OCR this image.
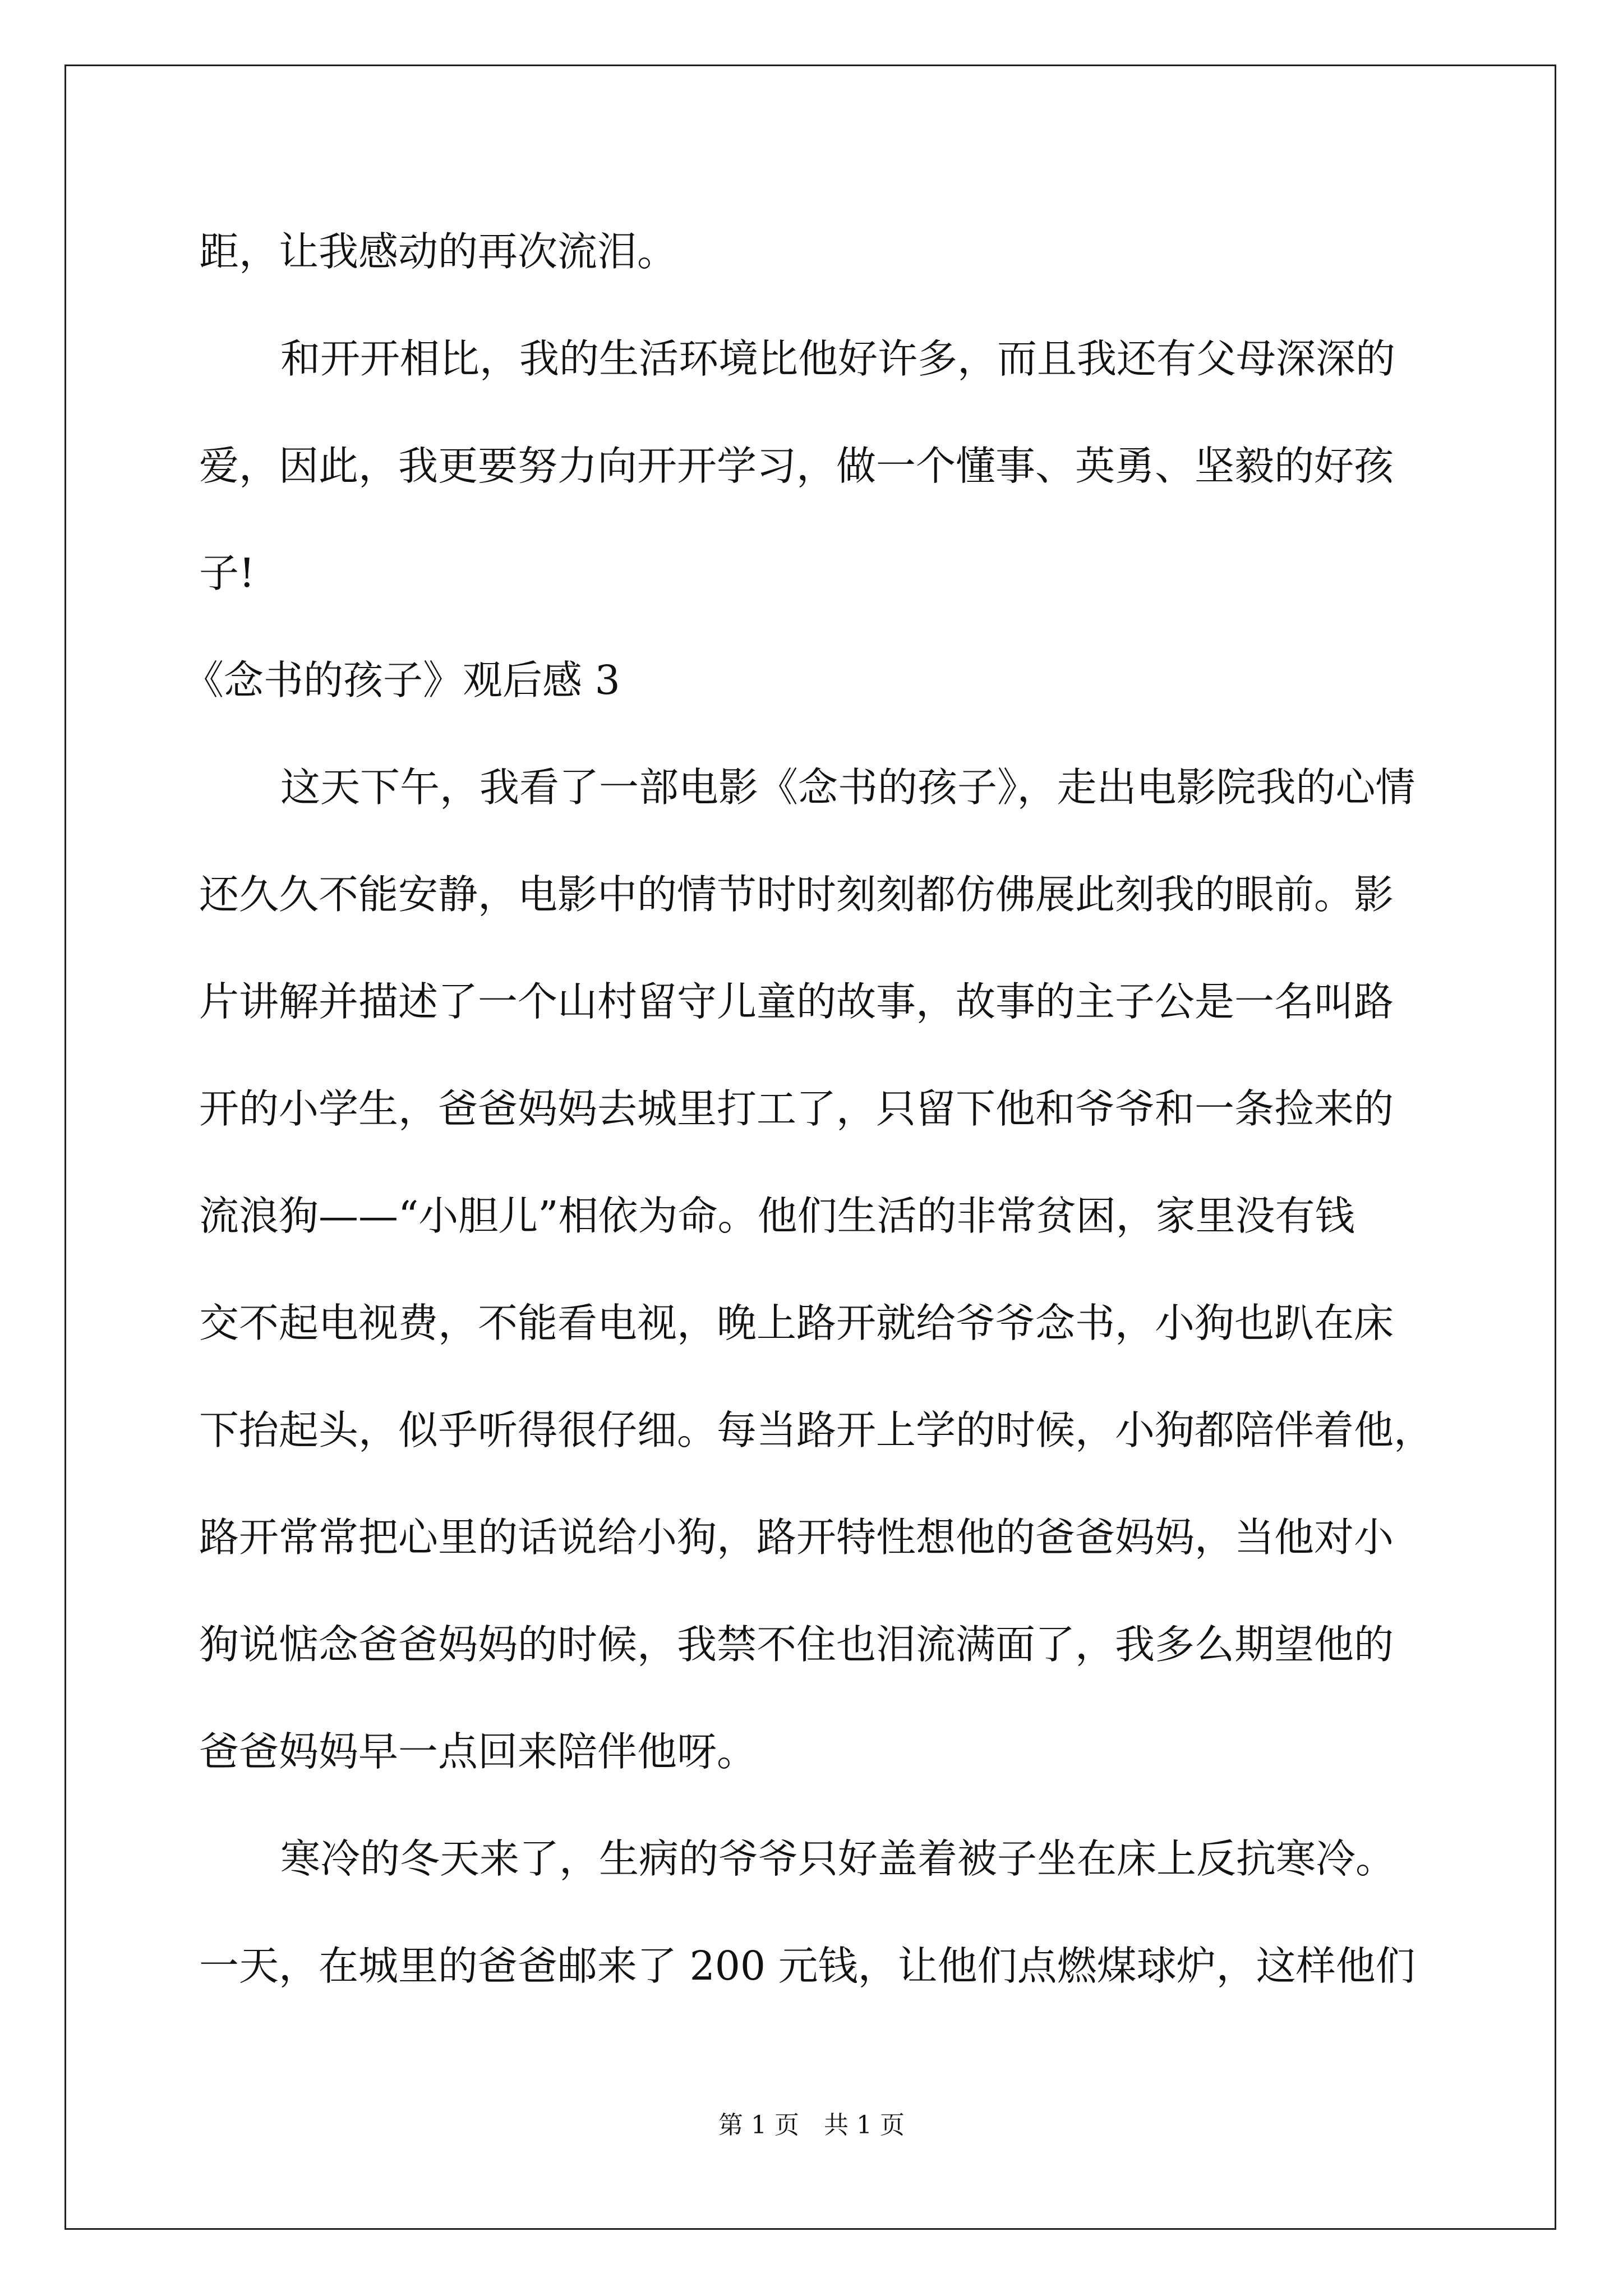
距，让我感动的再次流泪。
和开开相比，我的生活环境比他好许多，而且我还有父母深深的
爱，因此，我更要努力向开开学习，做一个懂事、英勇、坚毅的好孩
子!
《念书的孩子》观后感 3
这天下午，我看了一部电影《念书的孩子》，走出电影院我的心情
还久久不能安静，电影中的情节时时刻刻都仿佛展此刻我的眼前。影
片讲解并描述了一个山村留守儿童的故事，故事的主子公是一名叫路
开的小学生，爸爸妈妈去城里打工了，只留下他和爷爷和一条捡来的
流浪狗——“小胆儿”相依为命。他们生活的非常贫困，家里没有钱
交不起电视费，不能看电视，晚上路开就给爷爷念书，小狗也趴在床
下抬起头，似乎听得很仔细。每当路开上学的时候，小狗都陪伴着他，
路开常常把心里的话说给小狗，路开特性想他的爸爸妈妈，当他对小
狗说惦念爸爸妈妈的时候，我禁不住也泪流满面了，我多么期望他的
爸爸妈妈早一点回来陪伴他呀。
寒冷的冬天来了，生病的爷爷只好盖着被子坐在床上反抗寒冷。
一天，在城里的爸爸邮来了 200 元钱，让他们点燃煤球炉，这样他们
第 1 页　共 1 页
